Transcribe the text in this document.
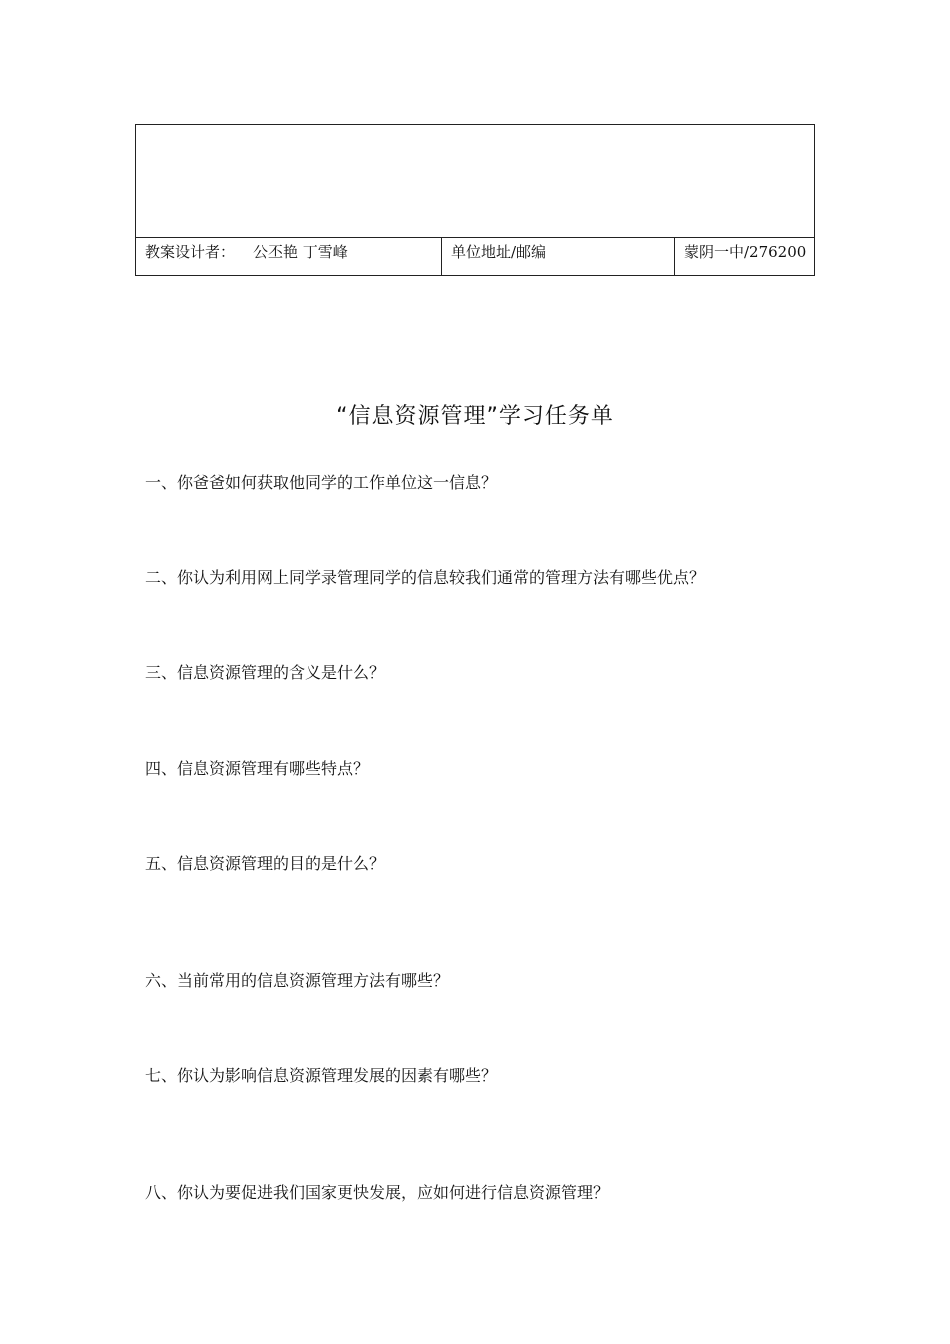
教案设计者： 公丕艳 丁雪峰	单位地址/邮编	蒙阴一中/276200
“信息资源管理”学习任务单
一、你爸爸如何获取他同学的工作单位这一信息？
二、你认为利用网上同学录管理同学的信息较我们通常的管理方法有哪些优点？
三、信息资源管理的含义是什么？
四、信息资源管理有哪些特点？
五、信息资源管理的目的是什么？
六、当前常用的信息资源管理方法有哪些？
七、你认为影响信息资源管理发展的因素有哪些？
八、你认为要促进我们国家更快发展，应如何进行信息资源管理？
